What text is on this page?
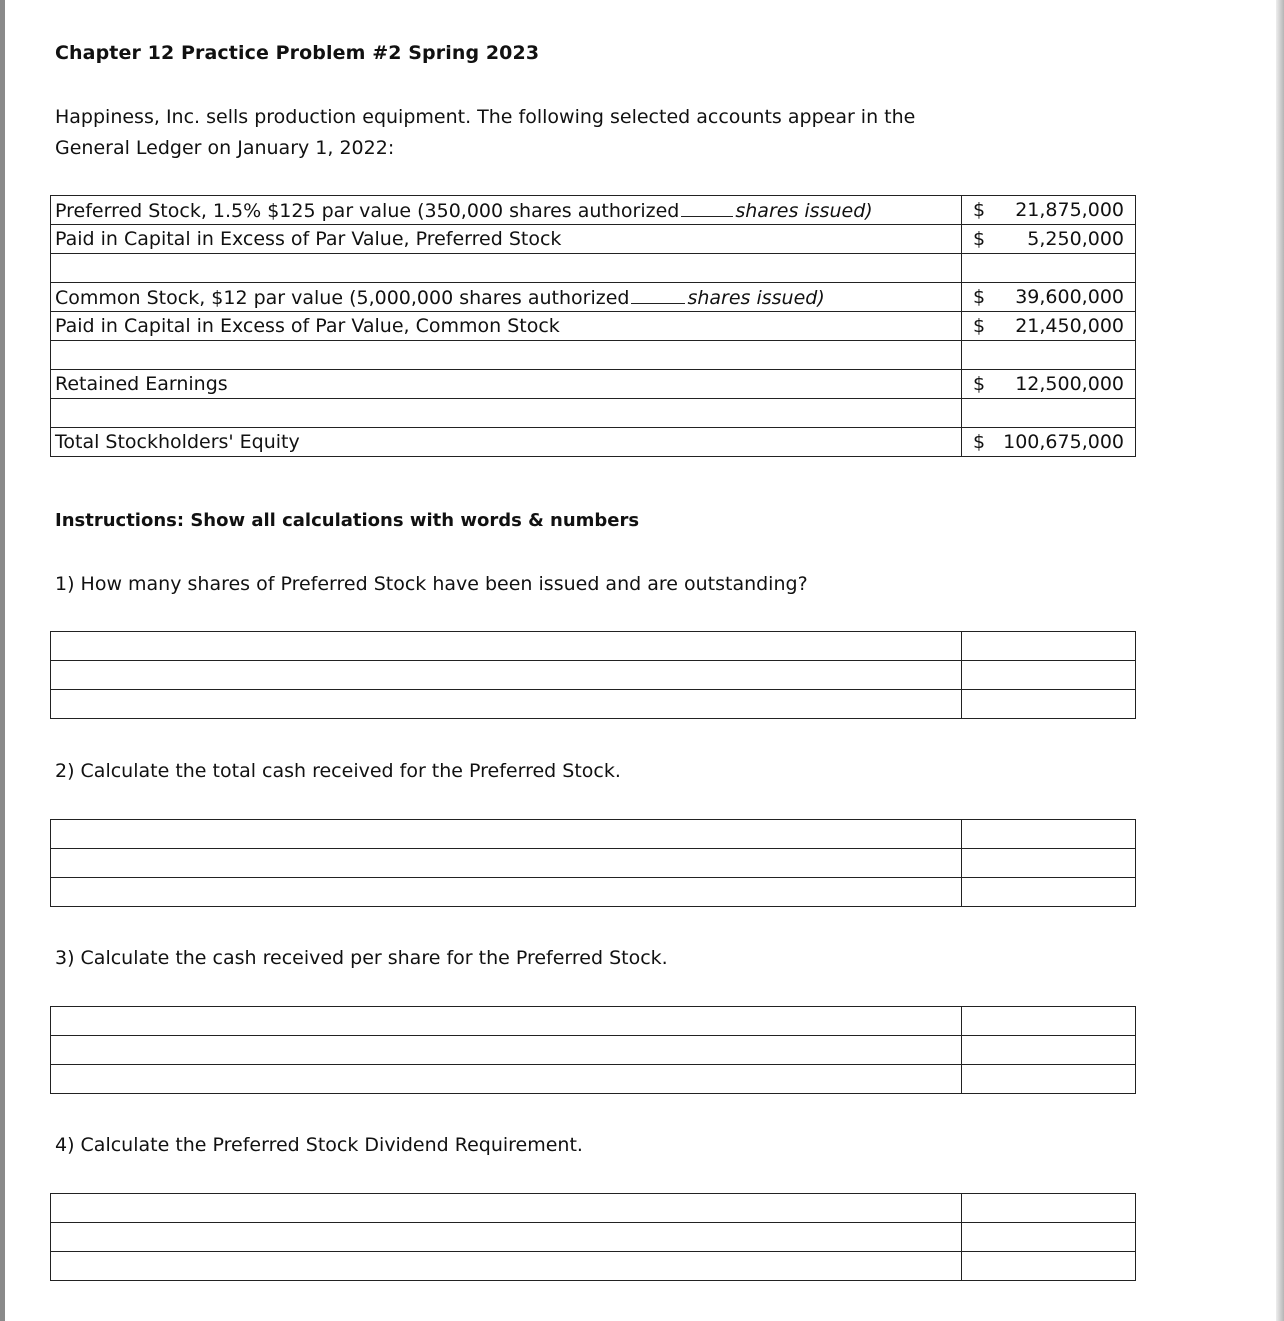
Chapter 12 Practice Problem #2 Spring 2023
Happiness, Inc. sells production equipment. The following selected accounts appear in the
General Ledger on January 1, 2022:
Preferred Stock, 1.5% $125 par value (350,000 shares authorized shares issued)	$ 21,875,000

Paid in Capital in Excess of Par Value, Preferred Stock	$ 5,250,000

Common Stock, $12 par value (5,000,000 shares authorized shares issued)	$ 39,600,000

Paid in Capital in Excess of Par Value, Common Stock	$ 21,450,000

Retained Earnings	$ 12,500,000

Total Stockholders' Equity	$ 100,675,000
Instructions: Show all calculations with words & numbers
1) How many shares of Preferred Stock have been issued and are outstanding?

2) Calculate the total cash received for the Preferred Stock.

3) Calculate the cash received per share for the Preferred Stock.

4) Calculate the Preferred Stock Dividend Requirement.
